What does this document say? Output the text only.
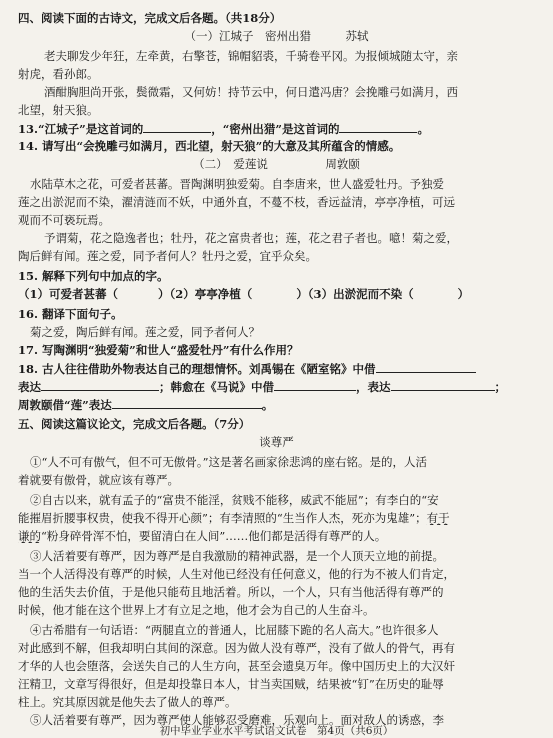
四、阅读下面的古诗文，完成文后各题。（共18分）
（一）江城子　密州出猎　　　苏轼
老夫聊发少年狂，左牵黄，右擎苍，锦帽貂裘，千骑卷平冈。为报倾城随太守，亲
射虎，看孙郎。
酒酣胸胆尚开张，鬓微霜，又何妨！持节云中，何日遣冯唐？会挽雕弓如满月，西
北望，射天狼。
13.“江城子”是这首词的	，“密州出猎”是这首词的	。
14. 请写出“会挽雕弓如满月，西北望，射天狼”的大意及其所蕴含的情感。
（二）　爱莲说　　　　　周敦颐
水陆草木之花，可爱者甚蕃。晋陶渊明独爱菊。自李唐来，世人盛爱牡丹。予独爱
莲之出淤泥而不染，濯清涟而不妖，中通外直，不蔓不枝，香远益清，亭亭净植，可远
观而不可亵玩焉。
予谓菊，花之隐逸者也；牡丹，花之富贵者也；莲，花之君子者也。噫！菊之爱，
陶后鲜有闻。莲之爱，同予者何人？牡丹之爱，宜乎众矣。
15. 解释下列句中加点的字。
（1）可爱者甚蕃（	）（2）亭亭净植（	）（3）出淤泥而不染（	）
16. 翻译下面句子。
菊之爱，陶后鲜有闻。莲之爱，同予者何人？
17. 写陶渊明“独爱菊”和世人“盛爱牡丹”有什么作用？
18. 古人往往借助外物表达自己的理想情怀。刘禹锡在《陋室铭》中借
表达	；韩愈在《马说》中借	，表达	；
周敦颐借“莲”表达	。
五、阅读这篇议论文，完成文后各题。（7分）
谈尊严
①“人不可有傲气，但不可无傲骨。”这是著名画家徐悲鸿的座右铭。是的，人活
着就要有傲骨，就应该有尊严。
②自古以来，就有孟子的“富贵不能淫，贫贱不能移，威武不能屈”；有李白的“安
能摧眉折腰事权贵，使我不得开心颜”；有李清照的“生当作人杰，死亦为鬼雄”；有于
谦的“粉身碎骨浑不怕，要留清白在人间”……他们都是活得有尊严的人。
③人活着要有尊严，因为尊严是自我激励的精神武器，是一个人顶天立地的前提。
当一个人活得没有尊严的时候，人生对他已经没有任何意义，他的行为不被人们肯定，
他的生活失去价值，于是他只能苟且地活着。所以，一个人，只有当他活得有尊严的
时候，他才能在这个世界上才有立足之地，他才会为自己的人生奋斗。
④古希腊有一句话语：“两腿直立的普通人，比屈膝下跪的名人高大。”也许很多人
对此感到不解，但我却明白其间的深意。因为做人没有尊严，没有了做人的骨气，再有
才华的人也会堕落，会送失自己的人生方向，甚至会遗臭万年。像中国历史上的大汉奸
汪精卫，文章写得很好，但是却投靠日本人，甘当卖国贼，结果被“钉”在历史的耻辱
柱上。究其原因就是他失去了做人的尊严。
⑤人活着要有尊严，因为尊严使人能够忍受磨难，乐观向上。面对敌人的诱惑，李
初中毕业学业水平考试语文试卷　第4页（共6页）
